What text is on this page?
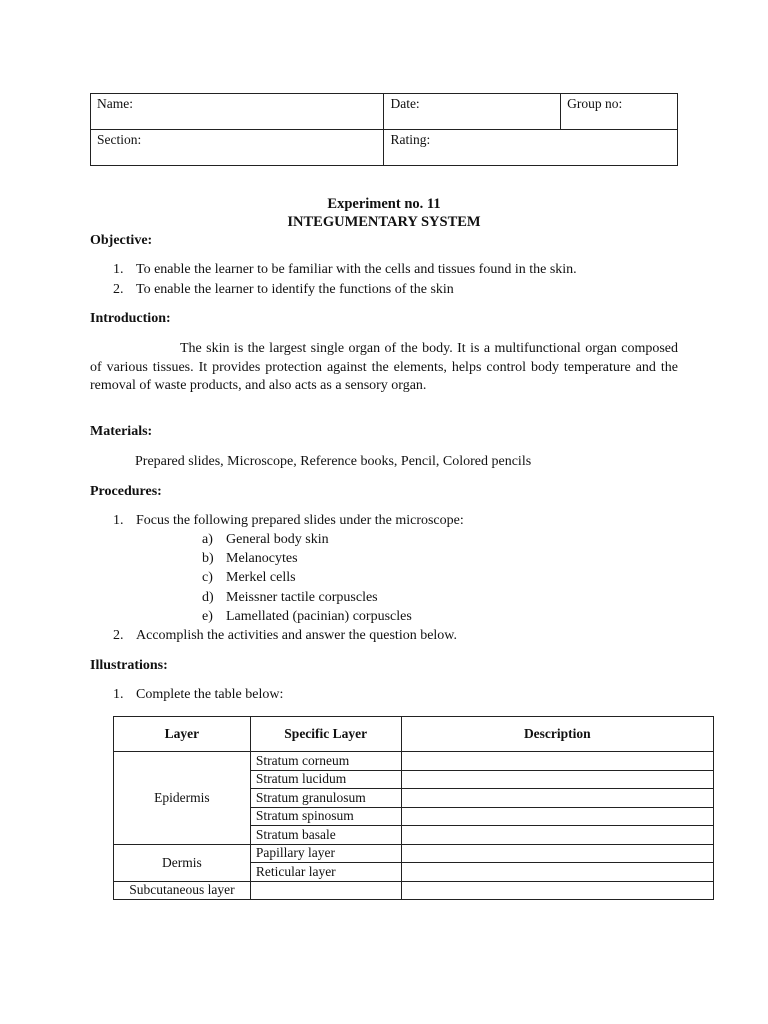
Name:	Date:	Group no:
Section:	Rating:	
Experiment no. 11
INTEGUMENTARY SYSTEM
Objective:
1. To enable the learner to be familiar with the cells and tissues found in the skin.
2. To enable the learner to identify the functions of the skin
Introduction:
The skin is the largest single organ of the body. It is a multifunctional organ composed of various tissues. It provides protection against the elements, helps control body temperature and the removal of waste products, and also acts as a sensory organ.
Materials:
Prepared slides, Microscope, Reference books, Pencil, Colored pencils
Procedures:
1. Focus the following prepared slides under the microscope:
a) General body skin
b) Melanocytes
c) Merkel cells
d) Meissner tactile corpuscles
e) Lamellated (pacinian) corpuscles
2. Accomplish the activities and answer the question below.
Illustrations:
1. Complete the table below:
Layer	Specific Layer	Description
Epidermis	Stratum corneum	
	Stratum lucidum	
	Stratum granulosum	
	Stratum spinosum	
	Stratum basale	
Dermis	Papillary layer	
	Reticular layer	
Subcutaneous layer		
